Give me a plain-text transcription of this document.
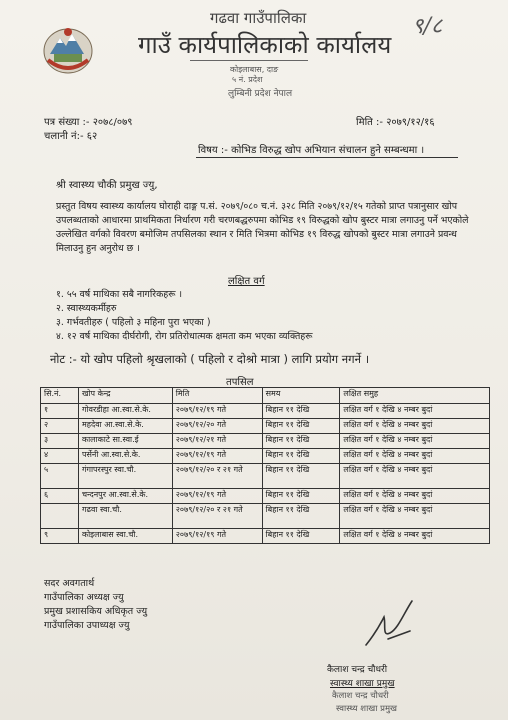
गढवा गाउँपालिका
गाउँ कार्यपालिकाको कार्यालय
कोइलाबास, दाङ
५ नं. प्रदेश
लुम्बिनी प्रदेश नेपाल
९/८
पत्र संख्या :- २०७८/०७९
चलानी नं:- ६२
मिति :- २०७९/१२/१६
विषय :- कोभिड विरुद्ध खोप अभियान संचालन हुने सम्बन्धमा ।
श्री स्वास्थ्य चौकी प्रमुख ज्यु,
प्रस्तुत विषय स्वास्थ्य कार्यालय घोराही दाङ्ग प.सं. २०७९/०८० च.नं. ३२८ मिति २०७९/१२/१५ गतेको प्राप्त पत्रानुसार खोप उपलब्धताको आधारमा प्राथमिकता निर्धारण गरी चरणबद्धरुपमा कोभिड १९ विरुद्धको खोप बुस्टर मात्रा लगाउनु पर्ने भएकोले उल्लेखित वर्गको विवरण बमोजिम तपसिलका स्थान र मिति भित्रमा कोभिड १९ विरुद्ध खोपको बुस्टर मात्रा लगाउने प्रवन्ध मिलाउनु हुन अनुरोध छ ।
लक्षित वर्ग
१. ५५ वर्ष माथिका सबै नागरिकहरू ।
२. स्वास्थ्यकर्मीहरु
३. गर्भवतीहरु ( पहिलो ३ महिना पुरा भएका )
४. १२ वर्ष माथिका दीर्घरोगी, रोग प्रतिरोधात्मक क्षमता कम भएका व्यक्तिहरू
नोट :- यो खोप पहिलो श्रृखलाको ( पहिलो र दोश्रो मात्रा ) लागि प्रयोग नगर्ने ।
तपसिल
सि.नं.	खोप केन्द्र	मिति	समय	लक्षित समुह
१	गोवरडीहा आ.स्वा.से.के.	२०७९/१२/१९ गते	बिहान ११ देखि	लक्षित वर्ग १ देखि ४ नम्बर बुदां
२	महदेवा आ.स्वा.से.के.	२०७९/१२/२० गते	बिहान ११ देखि	लक्षित वर्ग १ देखि ४ नम्बर बुदां
३	कालाकाटे सा.स्वा.ई	२०७९/१२/२१ गते	बिहान ११ देखि	लक्षित वर्ग १ देखि ४ नम्बर बुदां
४	पर्सेनी आ.स्वा.से.के.	२०७९/१२/१९ गते	बिहान ११ देखि	लक्षित वर्ग १ देखि ४ नम्बर बुदां
५	गंगापरस्पुर स्वा.चौ.	२०७९/१२/२० र २१ गते	बिहान ११ देखि	लक्षित वर्ग १ देखि ४ नम्बर बुदां
६	चन्दनपुर आ.स्वा.से.के.	२०७९/१२/१९ गते	बिहान ११ देखि	लक्षित वर्ग १ देखि ४ नम्बर बुदां
	गढवा स्वा.चौ.	२०७९/१२/२० र २१ गते	बिहान ११ देखि	लक्षित वर्ग १ देखि ४ नम्बर बुदां
९	कोइलाबास स्वा.चौ.	२०७९/१२/१९ गते	बिहान ११ देखि	लक्षित वर्ग १ देखि ४ नम्बर बुदां
सदर अवगतार्थ
गाउँपालिका अध्यक्ष ज्यु
प्रमुख प्रशासकिय अधिकृत ज्यु
गाउँपालिका उपाध्यक्ष ज्यु
कैलाश चन्द्र चौधरी
स्वास्थ्य शाखा प्रमुख
कैलाश चन्द्र चौधरी
स्वास्थ्य शाखा प्रमुख
